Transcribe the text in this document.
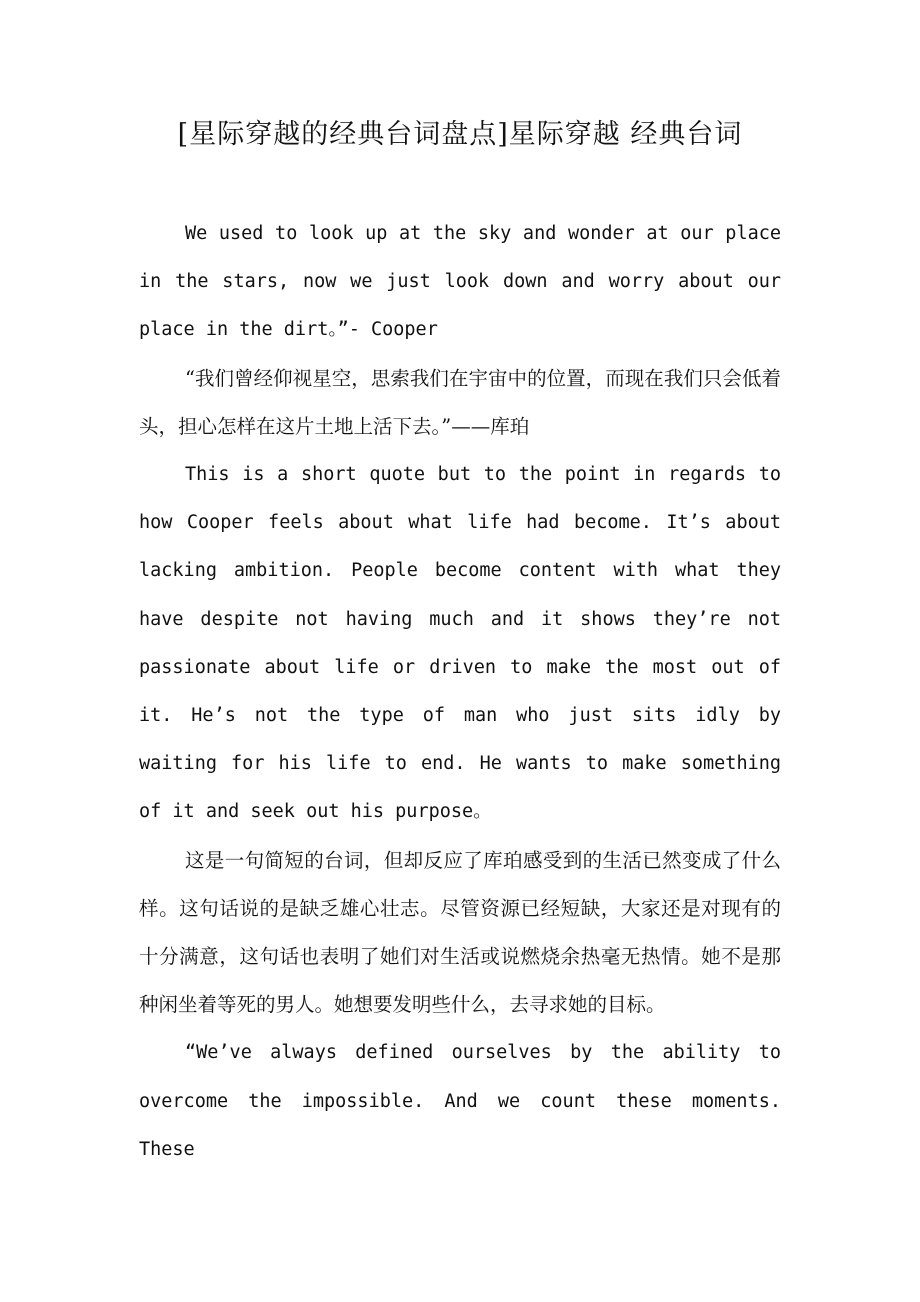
[星际穿越的经典台词盘点]星际穿越 经典台词

We used to look up at the sky and wonder at our place in the stars, now we just look down and worry about our place in the dirt。”- Cooper

“我们曾经仰视星空，思索我们在宇宙中的位置，而现在我们只会低着头，担心怎样在这片土地上活下去。”——库珀

This is a short quote but to the point in regards to how Cooper feels about what life had become. It’s about lacking ambition. People become content with what they have despite not having much and it shows they’re not passionate about life or driven to make the most out of it. He’s not the type of man who just sits idly by waiting for his life to end. He wants to make something of it and seek out his purpose。

这是一句简短的台词，但却反应了库珀感受到的生活已然变成了什么样。这句话说的是缺乏雄心壮志。尽管资源已经短缺，大家还是对现有的十分满意，这句话也表明了她们对生活或说燃烧余热毫无热情。她不是那种闲坐着等死的男人。她想要发明些什么，去寻求她的目标。

“We’ve always defined ourselves by the ability to overcome the impossible. And we count these moments. These
